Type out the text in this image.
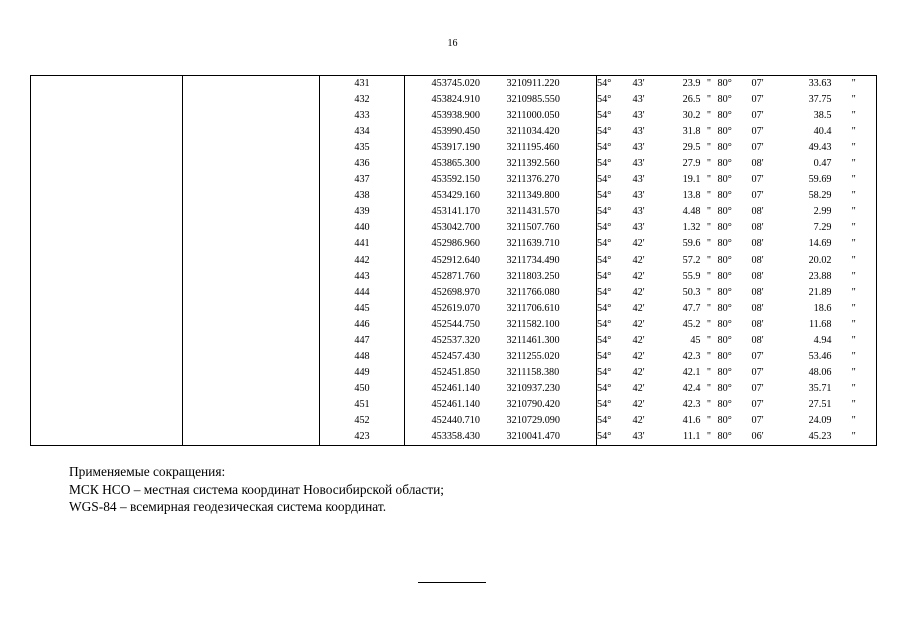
16
		431	453745.020	3210911.220	54°	43'	23.9	"	80°	07'	33.63	"
		432	453824.910	3210985.550	54°	43'	26.5	"	80°	07'	37.75	"
		433	453938.900	3211000.050	54°	43'	30.2	"	80°	07'	38.5	"
		434	453990.450	3211034.420	54°	43'	31.8	"	80°	07'	40.4	"
		435	453917.190	3211195.460	54°	43'	29.5	"	80°	07'	49.43	"
		436	453865.300	3211392.560	54°	43'	27.9	"	80°	08'	0.47	"
		437	453592.150	3211376.270	54°	43'	19.1	"	80°	07'	59.69	"
		438	453429.160	3211349.800	54°	43'	13.8	"	80°	07'	58.29	"
		439	453141.170	3211431.570	54°	43'	4.48	"	80°	08'	2.99	"
		440	453042.700	3211507.760	54°	43'	1.32	"	80°	08'	7.29	"
		441	452986.960	3211639.710	54°	42'	59.6	"	80°	08'	14.69	"
		442	452912.640	3211734.490	54°	42'	57.2	"	80°	08'	20.02	"
		443	452871.760	3211803.250	54°	42'	55.9	"	80°	08'	23.88	"
		444	452698.970	3211766.080	54°	42'	50.3	"	80°	08'	21.89	"
		445	452619.070	3211706.610	54°	42'	47.7	"	80°	08'	18.6	"
		446	452544.750	3211582.100	54°	42'	45.2	"	80°	08'	11.68	"
		447	452537.320	3211461.300	54°	42'	45	"	80°	08'	4.94	"
		448	452457.430	3211255.020	54°	42'	42.3	"	80°	07'	53.46	"
		449	452451.850	3211158.380	54°	42'	42.1	"	80°	07'	48.06	"
		450	452461.140	3210937.230	54°	42'	42.4	"	80°	07'	35.71	"
		451	452461.140	3210790.420	54°	42'	42.3	"	80°	07'	27.51	"
		452	452440.710	3210729.090	54°	42'	41.6	"	80°	07'	24.09	"
		423	453358.430	3210041.470	54°	43'	11.1	"	80°	06'	45.23	"
Применяемые сокращения:
МСК НСО – местная система координат Новосибирской области;
WGS-84 – всемирная геодезическая система координат.
